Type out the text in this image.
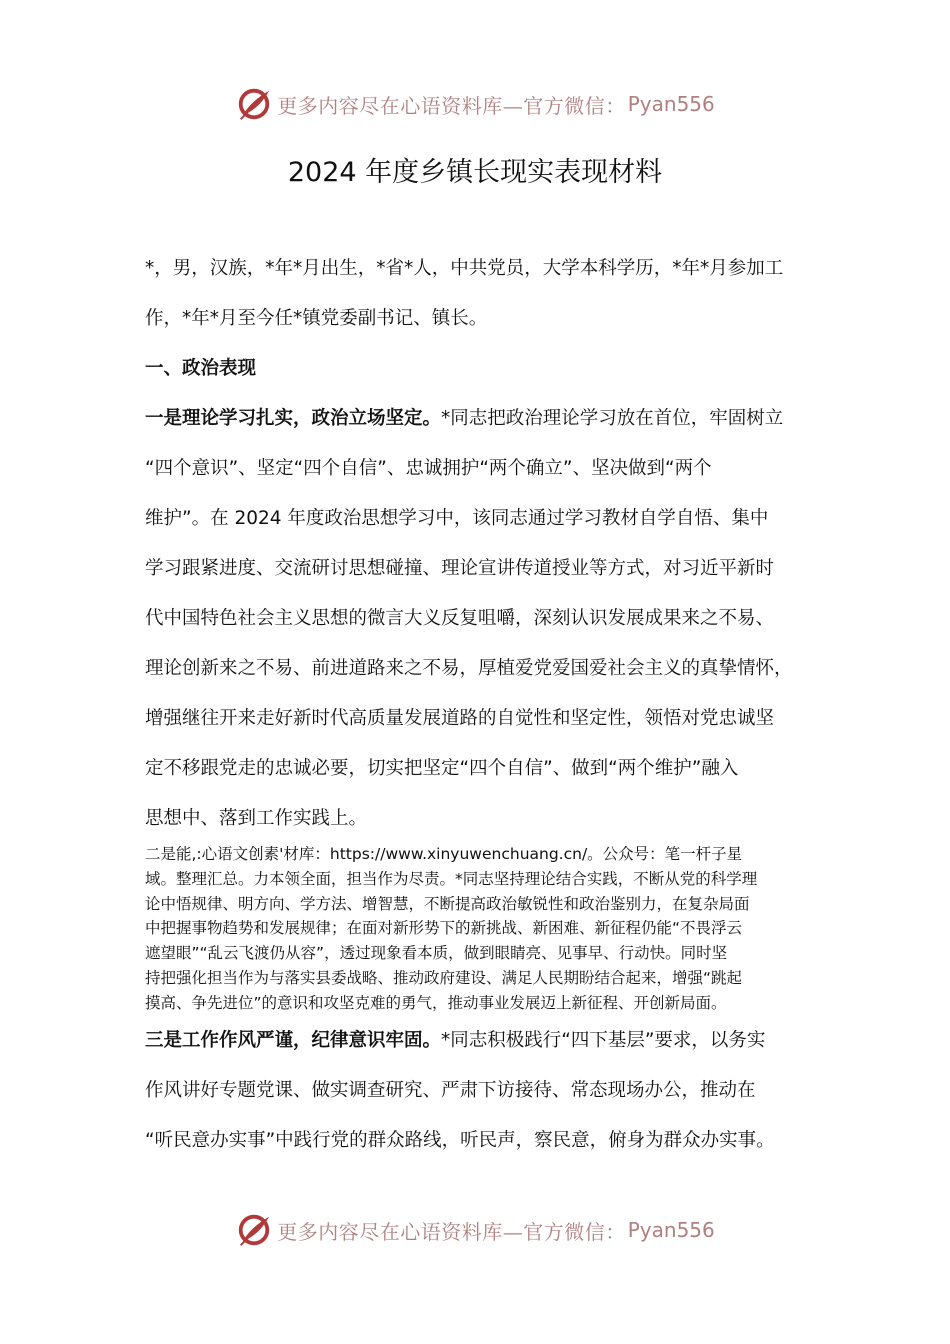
更多内容尽在心语资料库—官方微信： Pyan556
2024 年度乡镇长现实表现材料

*，男，汉族，*年*月出生，*省*人，中共党员，大学本科学历，*年*月参加工
作，*年*月至今任*镇党委副书记、镇长。

一、政治表现

一是理论学习扎实，政治立场坚定。*同志把政治理论学习放在首位，牢固树立
“四个意识”、坚定“四个自信”、忠诚拥护“两个确立”、坚决做到“两个
维护”。在 2024 年度政治思想学习中，该同志通过学习教材自学自悟、集中
学习跟紧进度、交流研讨思想碰撞、理论宣讲传道授业等方式，对习近平新时
代中国特色社会主义思想的微言大义反复咀嚼，深刻认识发展成果来之不易、
理论创新来之不易、前进道路来之不易，厚植爱党爱国爱社会主义的真挚情怀，
增强继往开来走好新时代高质量发展道路的自觉性和坚定性，领悟对党忠诚坚
定不移跟党走的忠诚必要，切实把坚定“四个自信”、做到“两个维护”融入
思想中、落到工作实践上。

二是能,:心语文创素'材库：https://www.xinyuwenchuang.cn/。公众号：笔一杆子星
域。整理汇总。力本领全面，担当作为尽责。*同志坚持理论结合实践，不断从党的科学理
论中悟规律、明方向、学方法、增智慧，不断提高政治敏锐性和政治鉴别力，在复杂局面
中把握事物趋势和发展规律；在面对新形势下的新挑战、新困难、新征程仍能“不畏浮云
遮望眼”“乱云飞渡仍从容”，透过现象看本质，做到眼睛亮、见事早、行动快。同时坚
持把强化担当作为与落实县委战略、推动政府建设、满足人民期盼结合起来，增强“跳起
摸高、争先进位”的意识和攻坚克难的勇气，推动事业发展迈上新征程、开创新局面。

三是工作作风严谨，纪律意识牢固。*同志积极践行“四下基层”要求，以务实
作风讲好专题党课、做实调查研究、严肃下访接待、常态现场办公，推动在
“听民意办实事”中践行党的群众路线，听民声，察民意，俯身为群众办实事。

更多内容尽在心语资料库—官方微信： Pyan556
